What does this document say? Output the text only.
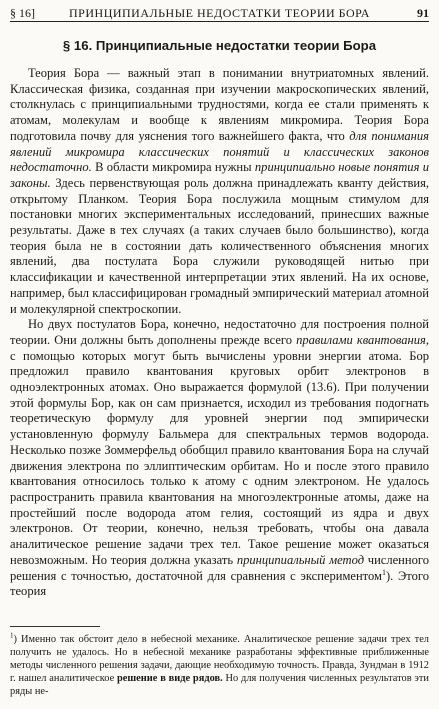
§ 16]	ПРИНЦИПИАЛЬНЫЕ НЕДОСТАТКИ ТЕОРИИ БОРА	91
§ 16. Принципиальные недостатки теории Бора

Теория Бора — важный этап в понимании внутриатомных явлений. Классическая физика, созданная при изучении макроскопических явлений, столкнулась с принципиальными трудностями, когда ее стали применять к атомам, молекулам и вообще к явлениям микромира. Теория Бора подготовила почву для уяснения того важнейшего факта, что для понимания явлений микромира классических понятий и классических законов недостаточно. В области микромира нужны принципиально новые понятия и законы. Здесь первенствующая роль должна принадлежать кванту действия, открытому Планком. Теория Бора послужила мощным стимулом для постановки многих экспериментальных исследований, принесших важные результаты. Даже в тех случаях (а таких случаев было большинство), когда теория была не в состоянии дать количественного объяснения многих явлений, два постулата Бора служили руководящей нитью при классификации и качественной интерпретации этих явлений. На их основе, например, был классифицирован громадный эмпирический материал атомной и молекулярной спектроскопии.

Но двух постулатов Бора, конечно, недостаточно для построения полной теории. Они должны быть дополнены прежде всего правилами квантования, с помощью которых могут быть вычислены уровни энергии атома. Бор предложил правило квантования круговых орбит электронов в одноэлектронных атомах. Оно выражается формулой (13.6). При получении этой формулы Бор, как он сам признается, исходил из требования подогнать теоретическую формулу для уровней энергии под эмпирически установленную формулу Бальмера для спектральных термов водорода. Несколько позже Зоммерфельд обобщил правило квантования Бора на случай движения электрона по эллиптическим орбитам. Но и после этого правило квантования относилось только к атому с одним электроном. Не удалось распространить правила квантования на многоэлектронные атомы, даже на простейший после водорода атом гелия, состоящий из ядра и двух электронов. От теории, конечно, нельзя требовать, чтобы она давала аналитическое решение задачи трех тел. Такое решение может оказаться невозможным. Но теория должна указать принципиальный метод численного решения с точностью, достаточной для сравнения с экспериментом$^1$). Этого теория

$^1$) Именно так обстоит дело в небесной механике. Аналитическое решение задачи трех тел получить не удалось. Но в небесной механике разработаны эффективные приближенные методы численного решения задачи, дающие необходимую точность. Правда, Зундман в 1912 г. нашел аналитическое решение в виде рядов. Но для получения численных результатов эти ряды не-
